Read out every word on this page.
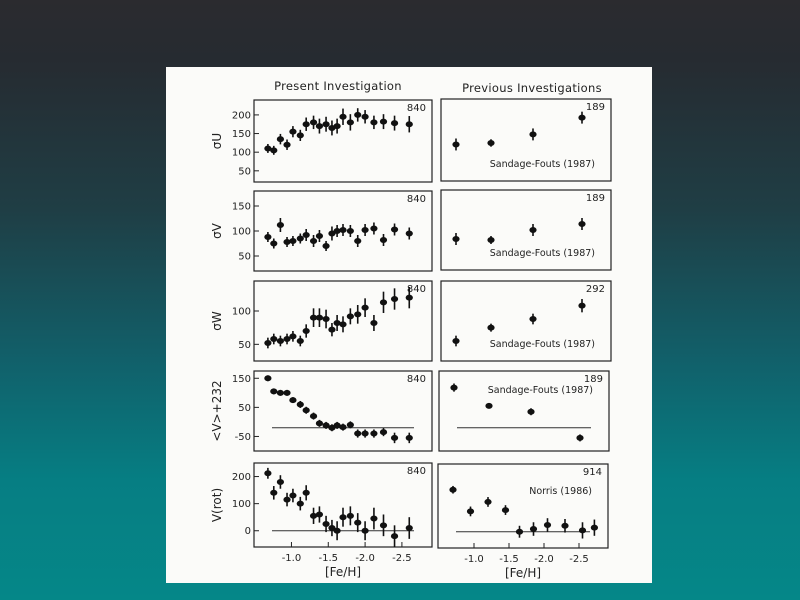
Present Investigation	Previous Investigations
50
100
150
200
σU
840	189
Sandage-Fouts (1987)
50
100
150
σV
840	189
Sandage-Fouts (1987)
50
100
σW
840	292
Sandage-Fouts (1987)
-50
50
150
<V>+232
840	189
Sandage-Fouts (1987)
0
100
200
V(rot)
-1.0 -1.5 -2.0 -2.5
[Fe/H]
840
-1.0 -1.5 -2.0 -2.5
[Fe/H]
914
Norris (1986)
